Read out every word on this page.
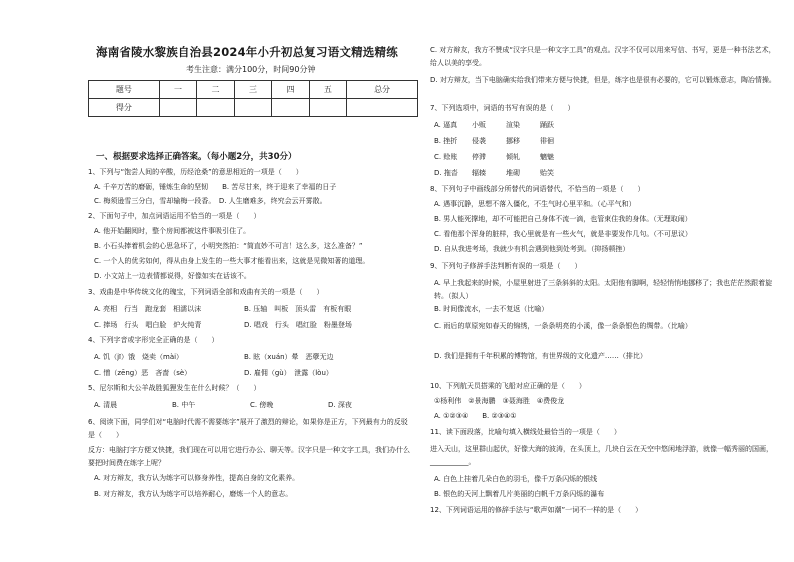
海南省陵水黎族自治县2024年小升初总复习语文精选精练
考生注意：满分100分，时间90分钟
题号	一	二	三	四	五	总分
得分						
一、根据要求选择正确答案。（每小题2分，共30分）
1、下列与“饱尝人间的辛酸，历经沧桑”的意思相近的一项是（　　）
A. 千辛万苦的磨砺，锤炼生命的坚韧　　B. 苦尽甘来，终于迎来了幸福的日子
C. 梅须逊雪三分白，雪却输梅一段香。　D. 人生磨难多，终究会云开雾散。
2、下面句子中，加点词语运用不恰当的一项是（　　）
A. 他开始翻阅时，整个房间都被这件事吸引住了。
B. 小石头捧着机会的心思急坏了，小明突然拍：“简直妙不可言！这么多，这么准备？”
C. 一个人的优劣如何，得从由身上发生的一些大事才能看出来，这就是见微知著的道理。
D. 小文站上一边表情都说得，好像如实在话该不。
3、戏曲是中华传统文化的瑰宝，下列词语全部和戏曲有关的一项是（　　）
A. 亮相　行当　跑龙套　相濡以沫	B. 压轴　叫板　顶头雷　有板有眼
C. 捧场　行头　唱白脸　炉火纯青	D. 唱戏　行头　唱红脸　粉墨登场
4、下列字音或字形完全正确的是（　　）
A. 饥（jī）饿　烧卖（mài）	B. 眩（xuán）晕　恶孽无边
C. 憎（zēng）恶　吝啬（sè）	D. 雇佣（gù）　泄露（lòu）
5、尼尔斯和大公羊战胜狐狸发生在什么时候？（　　）
A. 清晨	B. 中午	C. 傍晚	D. 深夜
6、阅读下面，同学们对“电脑时代需不需要练字”展开了激烈的辩论，如果你是正方，下列最有力的反驳是（　　）
反方：电脑打字方便又快捷，我们现在可以用它进行办公、聊天等。汉字只是一种文字工具，我们办什么要把时间费在练字上呢？
A. 对方辩友，我方认为练字可以修身养性，提高自身的文化素养。
B. 对方辩友，我方认为练字可以培养耐心，磨炼一个人的意志。
C. 对方辩友，我方不赞成“汉字只是一种文字工具”的观点。汉字不仅可以用来写信、书写，更是一种书法艺术，给人以美的享受。
D. 对方辩友，当下电脑确实给我们带来方便与快捷，但是，练字也是很有必要的，它可以锻炼意志，陶冶情操。
7、下列选项中，词语的书写有误的是（　　）
A. 逼真 小贩	渲染	踊跃
B. 挫折 侵袭	挪移	徘徊
C. 赊账 停滞	倾轧	魑魅
D. 拖沓 辐辏	堆砌	贻笑
8、下列句子中画线部分所替代的词语替代，不恰当的一项是（　　）
A. 遇事沉静，思想不落入僵化，不生气时心里平和。（心平气和）
B. 男人能死撑地，却不可能把自己身体不流一滴，也管束住我的身体。（无理取闹）
C. 看他那个浑身的脏样，我心里就是有一些火气，就是非要发作几句。（不可思议）
D. 自从我进考场，我就少有机会遇到他到处考到。（抑扬顿挫）
9、下列句子修辞手法判断有误的一项是（　　）
A. 早上我起来的时候，小屋里射进了三条斜斜的太阳。太阳他有脚啊，轻轻悄悄地挪移了；我也茫茫然跟着旋转。（拟人）
B. 时间像流水，一去不复返（比喻）
C. 雨后的草原宛如春天的锦绣，一条条明亮的小溪，像一条条银色的绸带。（比喻）
D. 我们是拥有千年积累的博物馆，有世界级的文化遗产……（排比）
10、下列航天员搭乘的飞船对应正确的是（　　）
①杨利伟　②景海鹏　③聂海胜　④费俊龙
A. ①②③④　　B. ②③④①
11、读下面段落，比喻句填入横线处最恰当的一项是（　　）
进入天山，这里群山起伏，好像大海的波涛，在头顶上，几块白云在天空中悠闲地浮游，就像一幅秀丽的国画，___________。
A. 白色上挂着几朵白色的羽毛，像千万条闪烁的银线
B. 银色的天河上飘着几片美丽的白帆千万条闪烁的瀑布
12、下列词语运用的修辞手法与“歌声如潮”一词不一样的是（　　）
